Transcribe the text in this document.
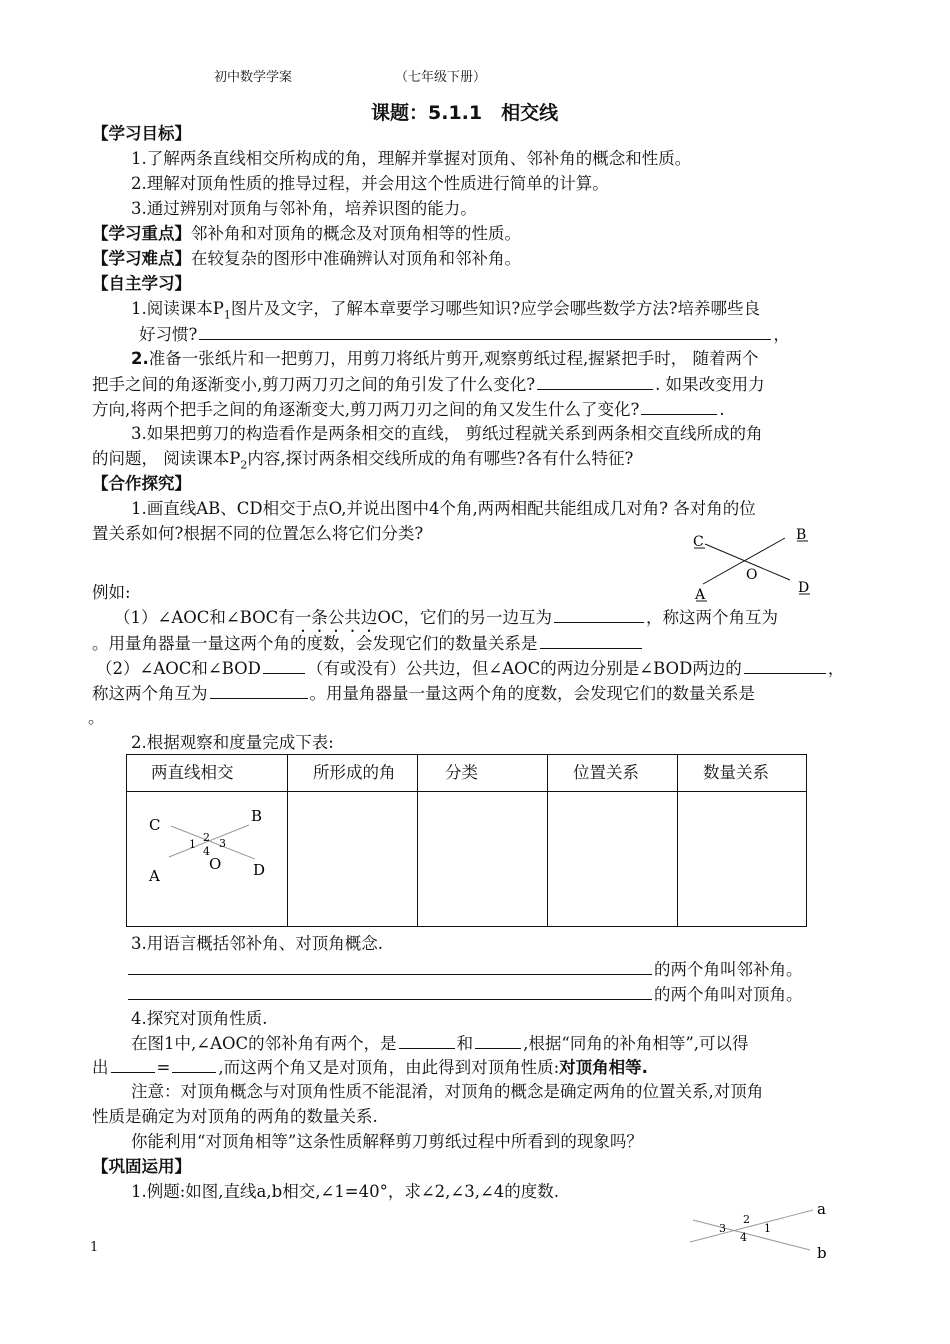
初中数学学案	（七年级下册）
课题：5.1.1　相交线
【学习目标】
1.了解两条直线相交所构成的角，理解并掌握对顶角、邻补角的概念和性质。
2.理解对顶角性质的推导过程，并会用这个性质进行简单的计算。
3.通过辨别对顶角与邻补角，培养识图的能力。
【学习重点】邻补角和对顶角的概念及对顶角相等的性质。
【学习难点】在较复杂的图形中准确辨认对顶角和邻补角。
【自主学习】
1.阅读课本$P_1$图片及文字，了解本章要学习哪些知识?应学会哪些数学方法?培养哪些良
好习惯?	，
2.准备一张纸片和一把剪刀，用剪刀将纸片剪开,观察剪纸过程,握紧把手时， 随着两个
把手之间的角逐渐变小,剪刀两刀刃之间的角引发了什么变化?	. 如果改变用力
方向,将两个把手之间的角逐渐变大,剪刀两刀刃之间的角又发生什么了变化?	.
3.如果把剪刀的构造看作是两条相交的直线， 剪纸过程就关系到两条相交直线所成的角
的问题， 阅读课本$P_2$内容,探讨两条相交线所成的角有哪些?各有什么特征?
【合作探究】
1.画直线AB、CD相交于点O,并说出图中4个角,两两相配共能组成几对角? 各对角的位
置关系如何?根据不同的位置怎么将它们分类?	C	B
O
A	D
例如:
（1）∠AOC和∠BOC有一条公共边OC，它们的另一边互为	，称这两个角互为
。用量角器量一量这两个角的度数，会发现它们的数量关系是
（2）∠AOC和∠BOD	（有或没有）公共边，但∠AOC的两边分别是∠BOD两边的	，
称这两个角互为	。用量角器量一量这两个角的度数，会发现它们的数量关系是
。
2.根据观察和度量完成下表:
两直线相交	所形成的角	分类	位置关系	数量关系
C	B
1
2 3
4
A
O D
3.用语言概括邻补角、对顶角概念.
的两个角叫邻补角。
的两个角叫对顶角。
4.探究对顶角性质.
在图1中,∠AOC的邻补角有两个，是	和	,根据“同角的补角相等”,可以得
出	=	,而这两个角又是对顶角，由此得到对顶角性质:对顶角相等.
注意：对顶角概念与对顶角性质不能混淆，对顶角的概念是确定两角的位置关系,对顶角
性质是确定为对顶角的两角的数量关系.
你能利用“对顶角相等”这条性质解释剪刀剪纸过程中所看到的现象吗？
【巩固运用】
1.例题:如图,直线a,b相交,∠1=40°，求∠2,∠3,∠4的度数.
a
b
3
2
1
4
1
